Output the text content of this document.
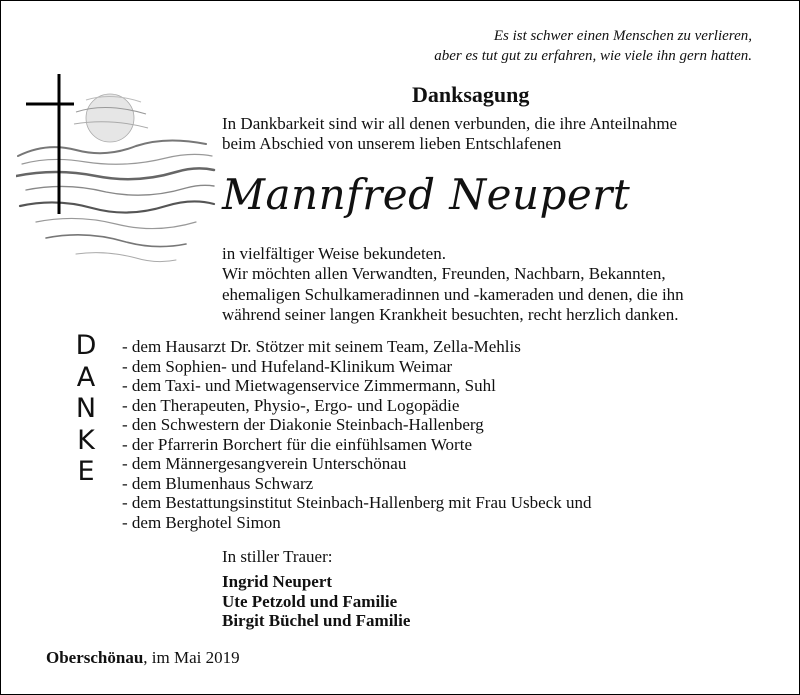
Es ist schwer einen Menschen zu verlieren,
aber es tut gut zu erfahren, wie viele ihn gern hatten.
Danksagung
In Dankbarkeit sind wir all denen verbunden, die ihre Anteilnahme
beim Abschied von unserem lieben Entschlafenen
Mannfred Neupert
in vielfältiger Weise bekundeten.
Wir möchten allen Verwandten, Freunden, Nachbarn, Bekannten,
ehemaligen Schulkameradinnen und -kameraden und denen, die ihn
während seiner langen Krankheit besuchten, recht herzlich danken.
D
A
N
K
E
- dem Hausarzt Dr. Stötzer mit seinem Team, Zella-Mehlis
- dem Sophien- und Hufeland-Klinikum Weimar
- dem Taxi- und Mietwagenservice Zimmermann, Suhl
- den Therapeuten, Physio-, Ergo- und Logopädie
- den Schwestern der Diakonie Steinbach-Hallenberg
- der Pfarrerin Borchert für die einfühlsamen Worte
- dem Männergesangverein Unterschönau
- dem Blumenhaus Schwarz
- dem Bestattungsinstitut Steinbach-Hallenberg mit Frau Usbeck und
- dem Berghotel Simon
In stiller Trauer:
Ingrid Neupert
Ute Petzold und Familie
Birgit Büchel und Familie
Oberschönau, im Mai 2019
